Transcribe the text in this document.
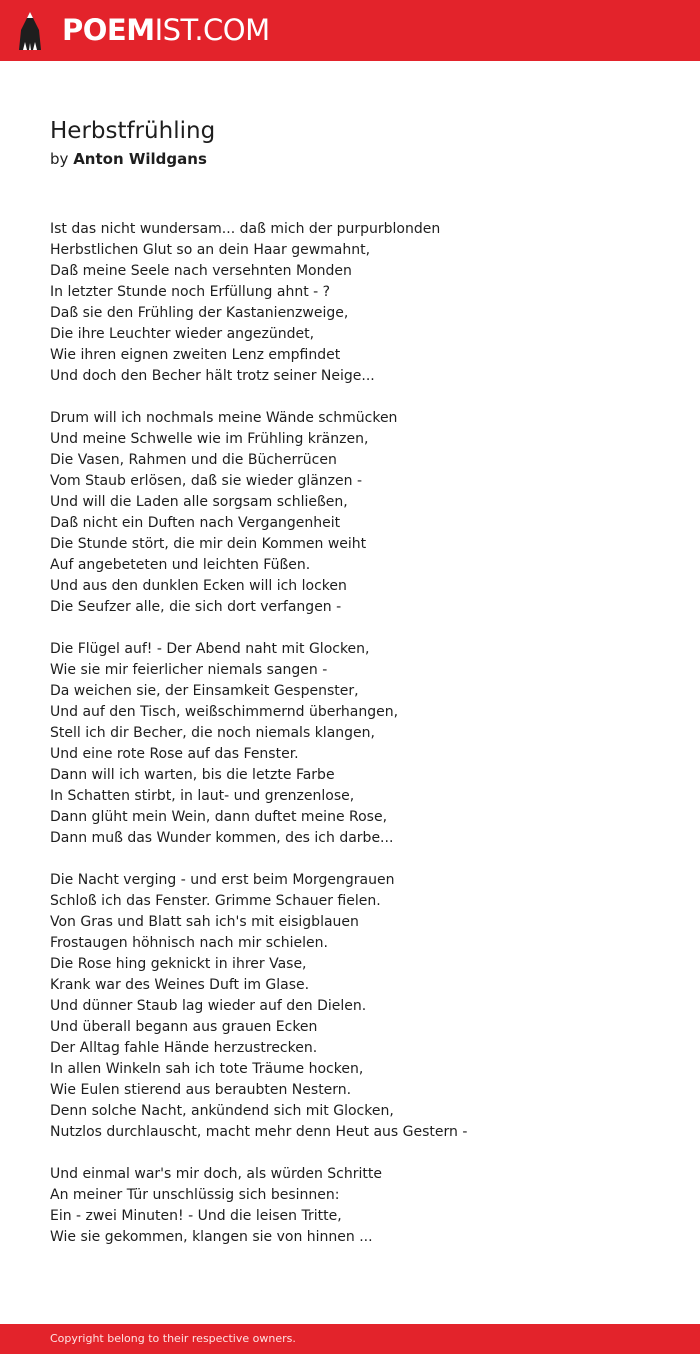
POEMIST.COM
Herbstfrühling
by Anton Wildgans
Ist das nicht wundersam... daß mich der purpurblonden
Herbstlichen Glut so an dein Haar gewmahnt,
Daß meine Seele nach versehnten Monden
In letzter Stunde noch Erfüllung ahnt - ?
Daß sie den Frühling der Kastanienzweige,
Die ihre Leuchter wieder angezündet,
Wie ihren eignen zweiten Lenz empfindet
Und doch den Becher hält trotz seiner Neige...
Drum will ich nochmals meine Wände schmücken
Und meine Schwelle wie im Frühling kränzen,
Die Vasen, Rahmen und die Bücherrücen
Vom Staub erlösen, daß sie wieder glänzen -
Und will die Laden alle sorgsam schließen,
Daß nicht ein Duften nach Vergangenheit
Die Stunde stört, die mir dein Kommen weiht
Auf angebeteten und leichten Füßen.
Und aus den dunklen Ecken will ich locken
Die Seufzer alle, die sich dort verfangen -
Die Flügel auf! - Der Abend naht mit Glocken,
Wie sie mir feierlicher niemals sangen -
Da weichen sie, der Einsamkeit Gespenster,
Und auf den Tisch, weißschimmernd überhangen,
Stell ich dir Becher, die noch niemals klangen,
Und eine rote Rose auf das Fenster.
Dann will ich warten, bis die letzte Farbe
In Schatten stirbt, in laut- und grenzenlose,
Dann glüht mein Wein, dann duftet meine Rose,
Dann muß das Wunder kommen, des ich darbe...
Die Nacht verging - und erst beim Morgengrauen
Schloß ich das Fenster. Grimme Schauer fielen.
Von Gras und Blatt sah ich's mit eisigblauen
Frostaugen höhnisch nach mir schielen.
Die Rose hing geknickt in ihrer Vase,
Krank war des Weines Duft im Glase.
Und dünner Staub lag wieder auf den Dielen.
Und überall begann aus grauen Ecken
Der Alltag fahle Hände herzustrecken.
In allen Winkeln sah ich tote Träume hocken,
Wie Eulen stierend aus beraubten Nestern.
Denn solche Nacht, ankündend sich mit Glocken,
Nutzlos durchlauscht, macht mehr denn Heut aus Gestern -
Und einmal war's mir doch, als würden Schritte
An meiner Tür unschlüssig sich besinnen:
Ein - zwei Minuten! - Und die leisen Tritte,
Wie sie gekommen, klangen sie von hinnen ...
Copyright belong to their respective owners.
